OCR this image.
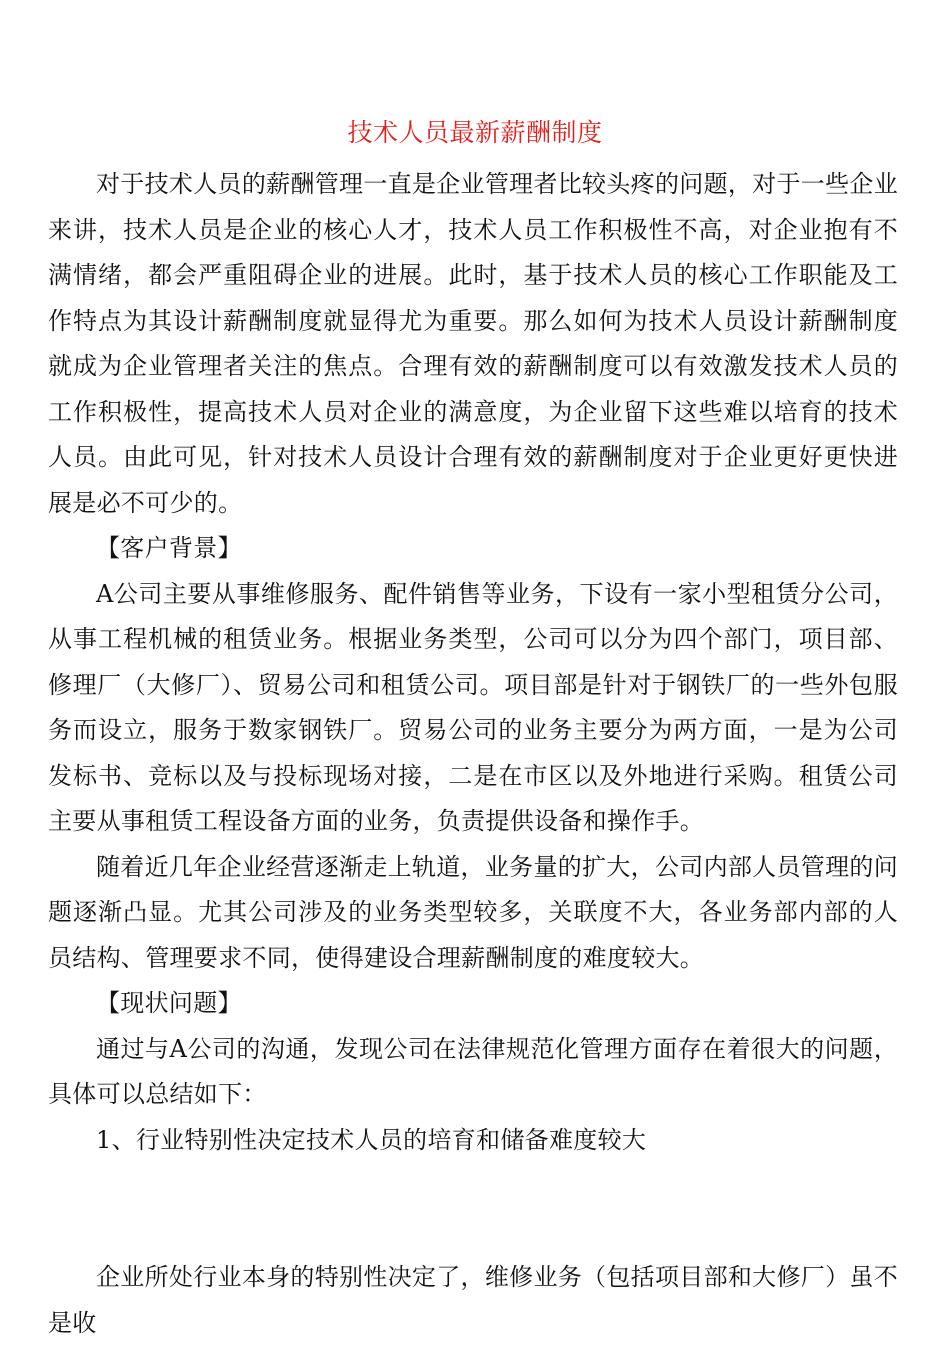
技术人员最新薪酬制度

对于技术人员的薪酬管理一直是企业管理者比较头疼的问题，对于一些企业来讲，技术人员是企业的核心人才，技术人员工作积极性不高，对企业抱有不满情绪，都会严重阻碍企业的进展。此时，基于技术人员的核心工作职能及工作特点为其设计薪酬制度就显得尤为重要。那么如何为技术人员设计薪酬制度就成为企业管理者关注的焦点。合理有效的薪酬制度可以有效激发技术人员的工作积极性，提高技术人员对企业的满意度，为企业留下这些难以培育的技术人员。由此可见，针对技术人员设计合理有效的薪酬制度对于企业更好更快进展是必不可少的。

【客户背景】

A公司主要从事维修服务、配件销售等业务，下设有一家小型租赁分公司，从事工程机械的租赁业务。根据业务类型，公司可以分为四个部门，项目部、修理厂（大修厂）、贸易公司和租赁公司。项目部是针对于钢铁厂的一些外包服务而设立，服务于数家钢铁厂。贸易公司的业务主要分为两方面，一是为公司发标书、竞标以及与投标现场对接，二是在市区以及外地进行采购。租赁公司主要从事租赁工程设备方面的业务，负责提供设备和操作手。

随着近几年企业经营逐渐走上轨道，业务量的扩大，公司内部人员管理的问题逐渐凸显。尤其公司涉及的业务类型较多，关联度不大，各业务部内部的人员结构、管理要求不同，使得建设合理薪酬制度的难度较大。

【现状问题】

通过与A公司的沟通，发现公司在法律规范化管理方面存在着很大的问题，具体可以总结如下：

1、行业特别性决定技术人员的培育和储备难度较大

企业所处行业本身的特别性决定了，维修业务（包括项目部和大修厂）虽不是收
